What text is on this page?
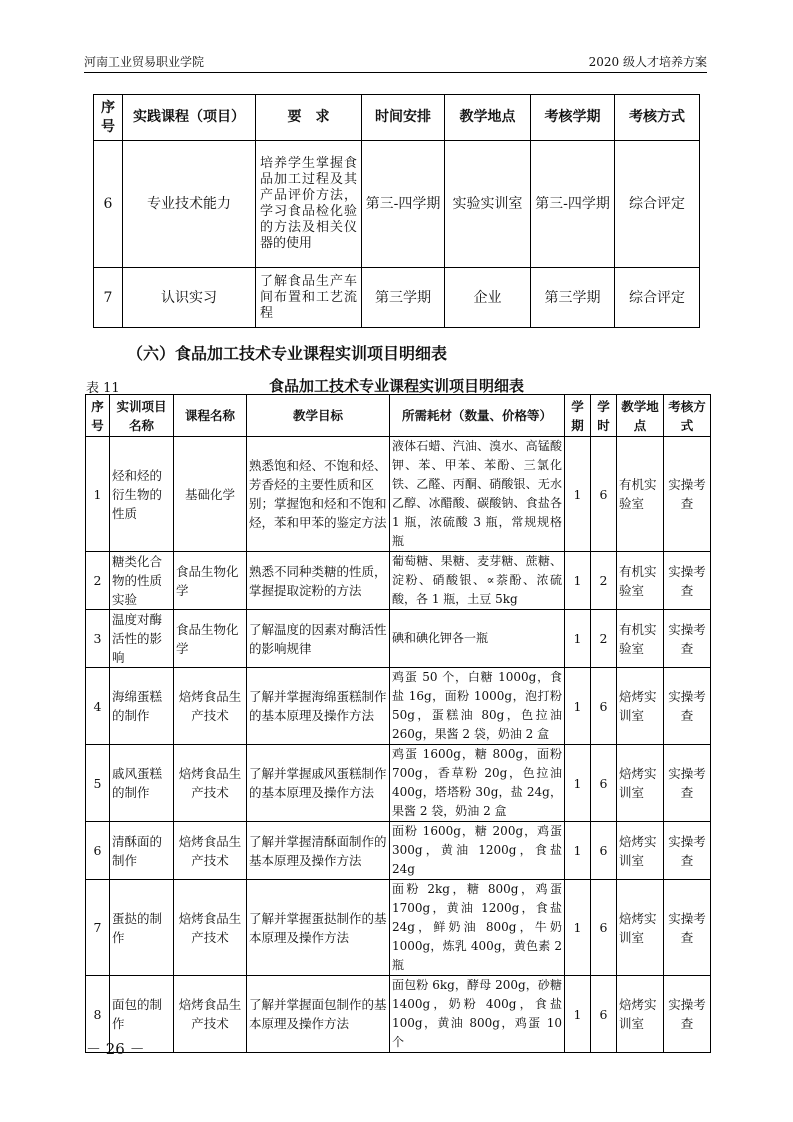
河南工业贸易职业学院	2020 级人才培养方案
序号	实践课程（项目）	要　求	时间安排	教学地点	考核学期	考核方式
6	专业技术能力	培养学生掌握食品加工过程及其产品评价方法，学习食品检化验的方法及相关仪器的使用	第三-四学期	实验实训室	第三-四学期	综合评定
7	认识实习	了解食品生产车间布置和工艺流程	第三学期	企业	第三学期	综合评定
（六）食品加工技术专业课程实训项目明细表
食品加工技术专业课程实训项目明细表
表 11
序号	实训项目名称	课程名称	教学目标	所需耗材（数量、价格等）	学期	学时	教学地点	考核方式
1	烃和烃的衍生物的性质	基础化学	熟悉饱和烃、不饱和烃、芳香烃的主要性质和区别；掌握饱和烃和不饱和烃，苯和甲苯的鉴定方法	液体石蜡、汽油、溴水、高锰酸钾、苯、甲苯、苯酚、三氯化铁、乙醛、丙酮、硝酸银、无水乙醇、冰醋酸、碳酸钠、食盐各 1 瓶，浓硫酸 3 瓶，常规规格瓶	1	6	有机实验室	实操考查
2	糖类化合物的性质实验	食品生物化学	熟悉不同种类糖的性质，掌握提取淀粉的方法	葡萄糖、果糖、麦芽糖、蔗糖、淀粉、硝酸银、∝萘酚、浓硫酸，各 1 瓶，土豆 5kg	1	2	有机实验室	实操考查
3	温度对酶活性的影响	食品生物化学	了解温度的因素对酶活性的影响规律	碘和碘化钾各一瓶	1	2	有机实验室	实操考查
4	海绵蛋糕的制作	焙烤食品生产技术	了解并掌握海绵蛋糕制作的基本原理及操作方法	鸡蛋 50 个，白糖 1000g，食盐 16g，面粉 1000g，泡打粉 50g，蛋糕油 80g，色拉油 260g，果酱 2 袋，奶油 2 盒	1	6	焙烤实训室	实操考查
5	戚风蛋糕的制作	焙烤食品生产技术	了解并掌握戚风蛋糕制作的基本原理及操作方法	鸡蛋 1600g，糖 800g，面粉 700g，香草粉 20g，色拉油 400g，塔塔粉 30g，盐 24g，果酱 2 袋，奶油 2 盒	1	6	焙烤实训室	实操考查
6	清酥面的制作	焙烤食品生产技术	了解并掌握清酥面制作的基本原理及操作方法	面粉 1600g，糖 200g，鸡蛋 300g，黄油 1200g，食盐 24g	1	6	焙烤实训室	实操考查
7	蛋挞的制作	焙烤食品生产技术	了解并掌握蛋挞制作的基本原理及操作方法	面粉 2kg，糖 800g，鸡蛋 1700g，黄油 1200g，食盐 24g，鲜奶油 800g，牛奶 1000g，炼乳 400g，黄色素 2 瓶	1	6	焙烤实训室	实操考查
8	面包的制作	焙烤食品生产技术	了解并掌握面包制作的基本原理及操作方法	面包粉 6kg，酵母 200g，砂糖 1400g，奶粉 400g，食盐 100g，黄油 800g，鸡蛋 10 个	1	6	焙烤实训室	实操考查
－ 26 －
